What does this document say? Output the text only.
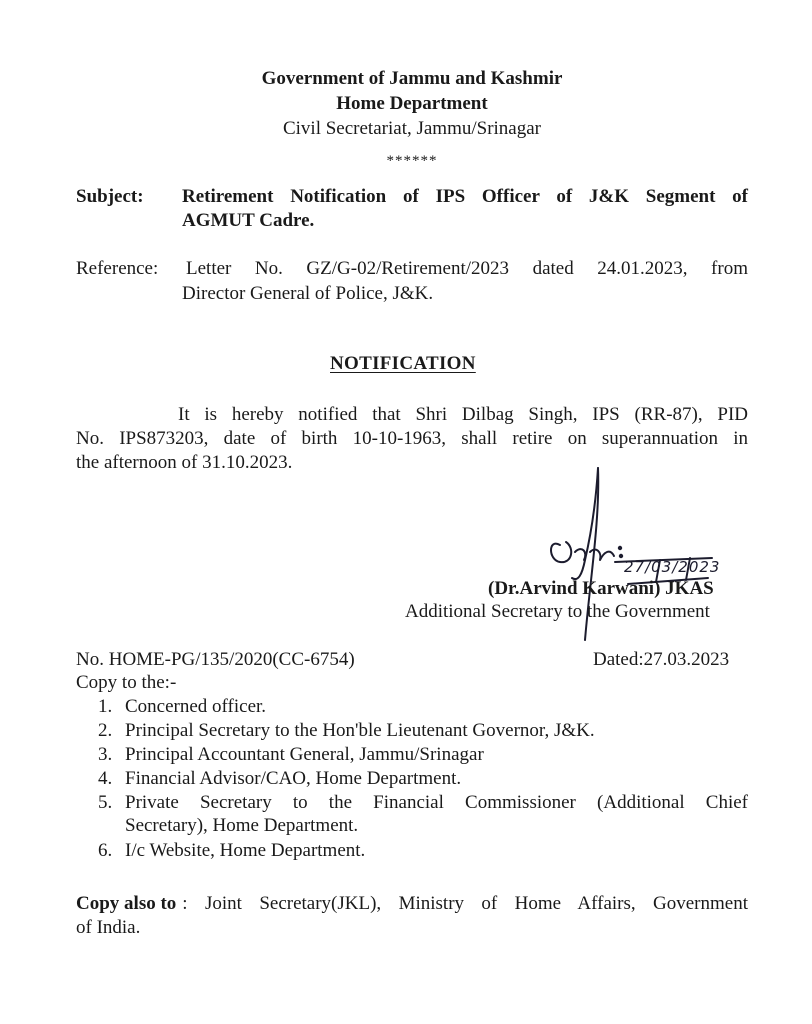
Government of Jammu and Kashmir
Home Department
Civil Secretariat, Jammu/Srinagar
******
Subject: Retirement Notification of IPS Officer of J&K Segment of
AGMUT Cadre.
Reference: Letter No. GZ/G-02/Retirement/2023 dated 24.01.2023, from
Director General of Police, J&K.
NOTIFICATION
It is hereby notified that Shri Dilbag Singh, IPS (RR-87), PID
No. IPS873203, date of birth 10-10-1963, shall retire on superannuation in
the afternoon of 31.10.2023.
27/03/2023
(Dr.Arvind Karwani) JKAS
Additional Secretary to the Government
No. HOME-PG/135/2020(CC-6754)	Dated:27.03.2023
Copy to the:-
1. Concerned officer.
2. Principal Secretary to the Hon'ble Lieutenant Governor, J&K.
3. Principal Accountant General, Jammu/Srinagar
4. Financial Advisor/CAO, Home Department.
5. Private Secretary to the Financial Commissioner (Additional Chief
Secretary), Home Department.
6. I/c Website, Home Department.
Copy also to : Joint Secretary(JKL), Ministry of Home Affairs, Government
of India.
